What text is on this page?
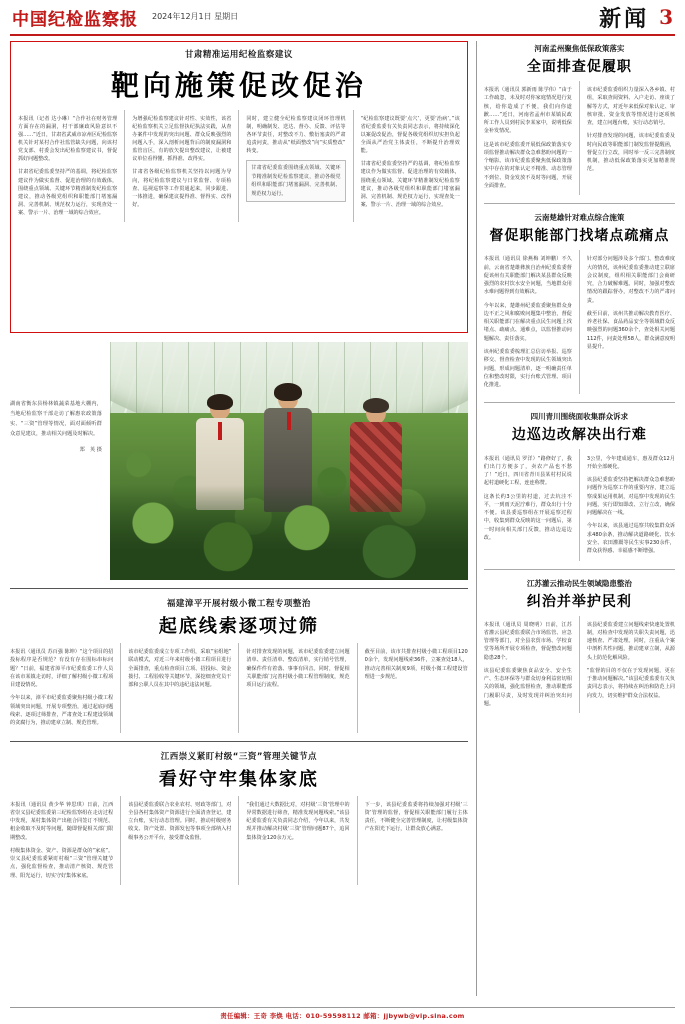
中国纪检监察报 2024年12月1日 星期日	新闻 3
甘肃精准运用纪检监察建议
靶向施策促改促治

本报讯（记者 达小琳）“合作社在财务管理方面存在的漏洞，村干部廉政风险意识不强……”近日，甘肃省武威市凉州区纪检监察机关针对某村合作社监管缺失问题，向该村党支部、村委会发出纪检监察建议书，督促抓好问题整改。

甘肃省纪委监委坚持严的基调，将纪检监察建议作为做实监督、促进治理的有效载体，围绕重点领域、关键环节精准制发纪检监察建议，推动各级党组织和职能部门堵塞漏洞、完善机制、规范权力运行，实现查处一案、警示一片、治理一域的综合效应。

为增强纪检监察建议针对性、实效性，该省纪检监察机关立足监督执纪执法实践，从查办案件中发现的突出问题、群众反映强烈的问题入手，深入剖析问题背后的制度漏洞和监管盲区，有的放矢提出整改建议，让被建议单位看得懂、抓得准、改得实。

甘肃省各级纪检监察机关坚持以问题为导向，将纪检监察建议与日常监督、专项检查、巡视巡察等工作贯通起来，同步跟进、一体推进，确保建议提得准、督得实、改得好。

同时，建立健全纪检监察建议闭环管理机制，明确制发、送达、督办、反馈、评估等各环节责任，对整改不力、敷衍塞责的严肃追责问责，推动从“纸面整改”向“实质整改”转变。

甘肃省纪委监委围绕重点领域、关键环节精准制发纪检监察建议，推动各级党组织和职能部门堵塞漏洞、完善机制、规范权力运行。

“纪检监察建议既要‘点穴’，更要‘治病’。”该省纪委监委有关负责同志表示，将持续深化以案促改促治，督促各级党组织切实担负起全面从严治党主体责任，不断提升治理效能。

甘肃省纪委监委坚持严的基调，将纪检监察建议作为做实监督、促进治理的有效载体，围绕重点领域、关键环节精准制发纪检监察建议，推动各级党组织和职能部门堵塞漏洞、完善机制、规范权力运行，实现查处一案、警示一片、治理一域的综合效应。

湖南省衡东县杨林镇蔬菜基地大棚内，当地纪检监察干部走访了解惠农政策落实、“三资”管理等情况，面对面倾听群众意见建议，推动相关问题及时解决。
郑　英 摄
福建漳平开展村级小微工程专项整治
起底线索逐项过筛

本报讯（通讯员 苏百强 陈坤）“这个项目的招投标程序是否规范？有没有存在围标串标问题？”日前，福建省漳平市纪委监委工作人员在该市某镇走访时，详细了解村级小微工程项目建设情况。

今年以来，漳平市纪委监委聚焦村级小微工程领域突出问题，开展专项整治，通过起底问题线索、逐项过筛排查，严肃查处工程建设领域的贪腐行为，推动建章立制、规范管理。

该市纪委监委成立专项工作组，采取“室组地”联动模式，对近三年来村级小微工程项目进行全面排查，重点检查项目立项、招投标、资金拨付、工程验收等关键环节，深挖细查党员干部和公职人员在其中的违纪违法问题。

针对排查发现的问题，该市纪委监委建立问题清单、责任清单、整改清单，实行销号管理，确保件件有着落、事事有回音。同时，督促相关职能部门完善村级小微工程管理制度，规范项目运行流程。

截至目前，该市共排查村级小微工程项目1200余个，发现问题线索36件，立案查处18人，推动完善相关制度9项，村级小微工程建设管理进一步规范。

江西崇义紧盯村级“三资”管理关键节点
看好守牢集体家底

本报讯（通讯员 黄少华 钟思琪）日前，江西省崇义县纪委监委第三纪检监察组在走访过程中发现，某村集体资产出租合同签订不规范、租金收取不及时等问题，随即督促相关部门限期整改。

村级集体资金、资产、资源是群众的“家底”。崇义县纪委监委紧盯村级“三资”管理关键节点，强化监督检查，推动清产核资、规范管理、阳光运行，切实守好集体家底。

该县纪委监委联合农业农村、财政等部门，对全县各村集体资产资源进行全面清查登记，建立台账，实行动态管理。同时，推动村级财务收支、资产处置、资源发包等事项全部纳入村级事务公开平台，接受群众监督。

“我们通过大数据比对，对村级‘三资’管理中的异常数据进行筛查，精准发现问题线索。”该县纪委监委有关负责同志介绍，今年以来，共发现并推动解决村级‘三资’管理问题87个，追回集体资金120余万元。

下一步，该县纪委监委将持续加强对村级‘三资’管理的监督，督促相关职能部门履行主体责任，不断健全完善管理制度，让村级集体资产在阳光下运行，让群众放心满意。

河南孟州聚焦低保政策落实
全面排查促履职

本报讯（通讯员 郭新雨 陈学伟）“由于工作疏忽，未及时对你家庭情况进行复核，给你造成了不便，我们向你道歉……”近日，河南省孟州市某镇民政所工作人员到村民李某家中，说明低保金补发情况。

这是该市纪委监委开展低保政策落实专项监督推动解决群众急难愁盼问题的一个缩影。该市纪委监委聚焦低保政策落实中存在的对象认定不精准、动态管理不到位、资金发放不及时等问题，开展全面排查。

该市纪委监委组织力量深入各乡镇、村组，采取查阅资料、入户走访、座谈了解等方式，对近年来低保对象认定、审核审批、资金发放等情况进行逐项核查，建立问题台账，实行动态销号。

针对排查发现的问题，该市纪委监委及时向民政等职能部门制发监督提醒函，督促立行立改，同时举一反三完善制度机制，推动低保政策落实更加精准规范。

云南楚雄针对难点综合施策
督促职能部门找堵点疏痛点

本报讯（通讯员 徐燕梅 刘坤鹏）不久前，云南省楚雄彝族自治州纪委监委督促该州有关职能部门解决某县群众反映强烈的农村饮水安全问题，当地群众用水难问题得到有效解决。

今年以来，楚雄州纪委监委聚焦群众身边不正之风和腐败问题集中整治，督促相关职能部门在解决重点民生问题上找堵点、疏痛点、通难点，以监督推动问题解决、责任落实。

该州纪委监委梳理汇总信访举报、巡察移交、督查检查中发现的民生领域突出问题，形成问题清单，逐一明确责任单位和整改时限，实行台账式管理、项目化推进。

针对部分问题涉及多个部门、整改难度大的情况，该州纪委监委推动建立联席会议制度，组织相关职能部门会商研究，合力破解难题。同时，加强对整改情况的跟踪督办，对整改不力的严肃问责。

截至目前，该州共推动解决教育医疗、养老社保、食品药品安全等领域群众反映强烈的问题360余个，查处相关问题112件，问责处理58人，群众满意度明显提升。

四川青川围绕面收集群众诉求
边巡边改解决出行难

本报讯（通讯员 罗洋）“路修好了，我们出门方便多了，卖农产品也不愁了！”近日，四川省青川县某村村民说起村道硬化工程，连连称赞。

这条长约3公里的村道，过去坑洼不平，一到雨天泥泞难行，群众出行十分不便。该县委巡察组在开展巡察过程中，收集到群众反映的这一问题后，第一时间向相关部门反馈，推动边巡边改。

3公里，今年建成通车，惠及群众12月开始全部硬化。

该县纪委监委坚持把解决群众急难愁盼问题作为巡察工作的重要内容，建立巡察成果运用机制，对巡察中发现的民生问题，实行即知即改、立行立改，确保问题解决在一线。

今年以来，该县通过巡察共收集群众诉求480余条，推动解决道路硬化、饮水安全、农田灌溉等民生实事230余件，群众获得感、幸福感不断增强。

江苏灌云推动民生领域隐患整治
纠治并举护民利

本报讯（通讯员 周晓明）日前，江苏省灌云县纪委监委联合市场监管、应急管理等部门，对全县农贸市场、学校食堂等场所开展专项检查，督促整改问题隐患28个。

该县纪委监委聚焦食品安全、安全生产、生态环保等与群众切身利益密切相关的领域，强化监督检查，推动职能部门履职尽责，及时发现并纠治突出问题。

该县纪委监委建立问题线索快速处置机制，对检查中发现的失职失责问题，迅速核查、严肃处理。同时，注重从个案中剖析共性问题，推动建章立制，从源头上防范化解风险。

“监督的目的不仅在于发现问题，更在于推动问题解决。”该县纪委监委有关负责同志表示，将持续在纠治和防范上同向发力，切实维护群众合法权益。

责任编辑：王奇 李焕 电话：010-59598112 邮箱：jjbywb@vip.sina.com
